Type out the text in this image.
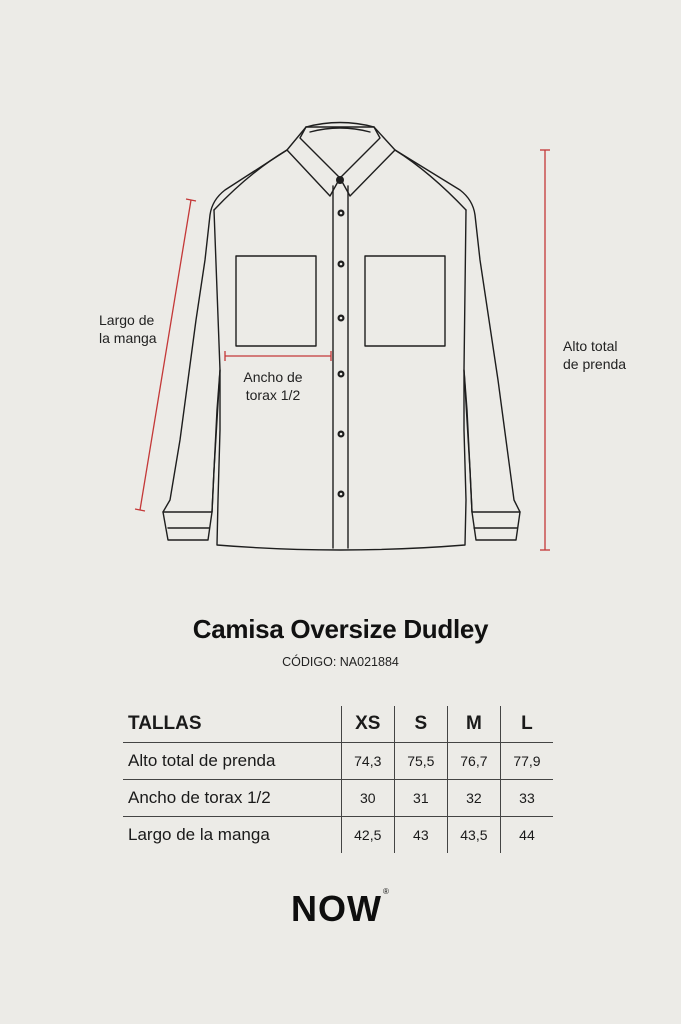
Largo de
la manga
Ancho de
torax 1/2
Alto total
de prenda
Camisa Oversize Dudley
CÓDIGO: NA021884
TALLAS	XS	S	M	L
Alto total de prenda	74,3	75,5	76,7	77,9
Ancho de torax 1/2	30	31	32	33
Largo de la manga	42,5	43	43,5	44
NOW®
